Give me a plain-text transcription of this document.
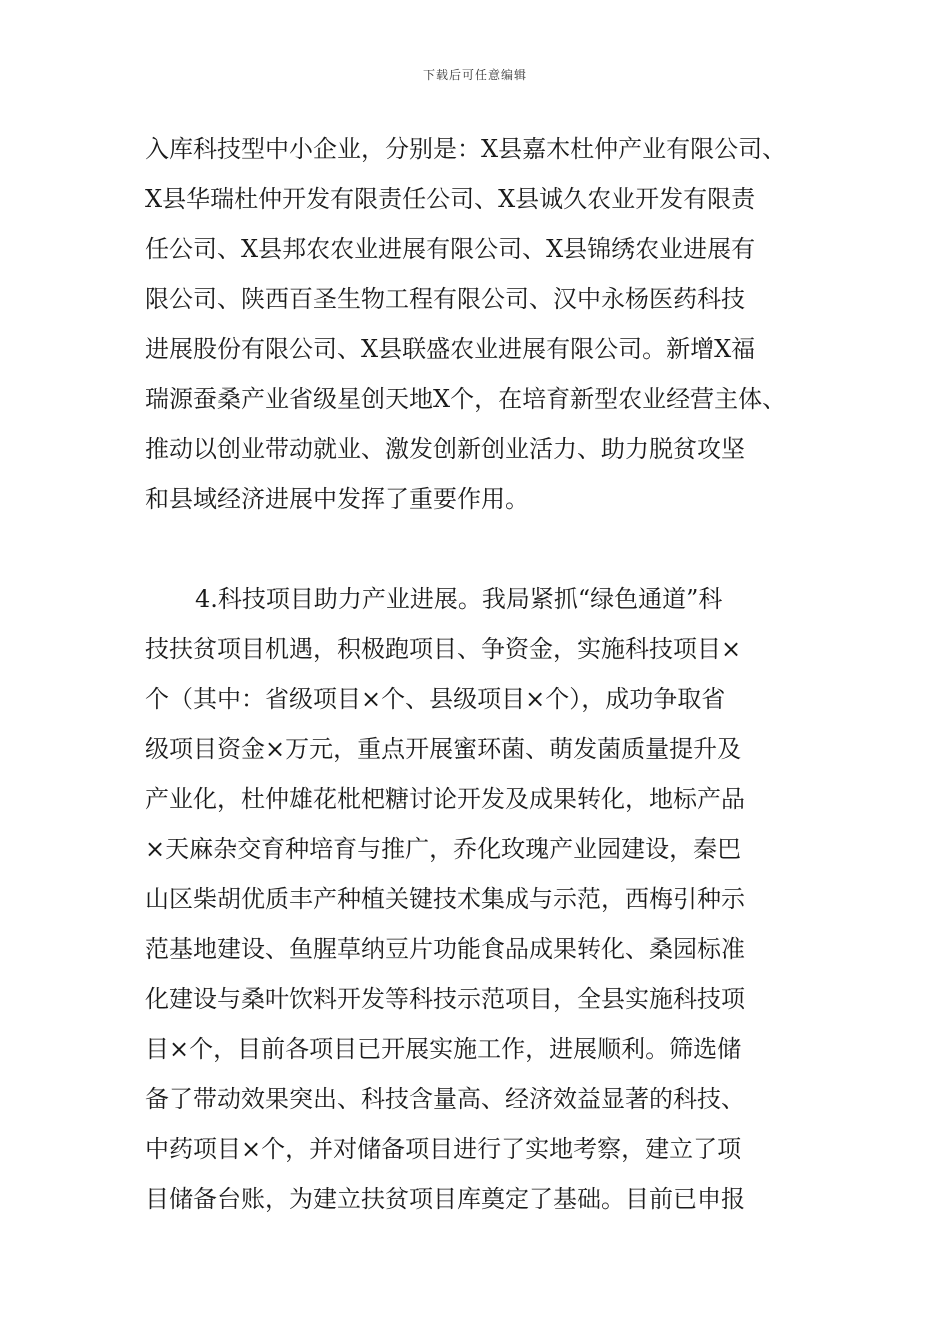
下载后可任意编辑
入库科技型中小企业，分别是：X县嘉木杜仲产业有限公司、
X县华瑞杜仲开发有限责任公司、X县诚久农业开发有限责
任公司、X县邦农农业进展有限公司、X县锦绣农业进展有
限公司、陕西百圣生物工程有限公司、汉中永杨医药科技
进展股份有限公司、X县联盛农业进展有限公司。新增X福
瑞源蚕桑产业省级星创天地X个，在培育新型农业经营主体、
推动以创业带动就业、激发创新创业活力、助力脱贫攻坚
和县域经济进展中发挥了重要作用。
4.科技项目助力产业进展。我局紧抓“绿色通道”科
技扶贫项目机遇，积极跑项目、争资金，实施科技项目×
个（其中：省级项目×个、县级项目×个），成功争取省
级项目资金×万元，重点开展蜜环菌、萌发菌质量提升及
产业化，杜仲雄花枇杷糖讨论开发及成果转化，地标产品
×天麻杂交育种培育与推广，乔化玫瑰产业园建设，秦巴
山区柴胡优质丰产种植关键技术集成与示范，西梅引种示
范基地建设、鱼腥草纳豆片功能食品成果转化、桑园标准
化建设与桑叶饮料开发等科技示范项目，全县实施科技项
目×个，目前各项目已开展实施工作，进展顺利。筛选储
备了带动效果突出、科技含量高、经济效益显著的科技、
中药项目×个，并对储备项目进行了实地考察，建立了项
目储备台账，为建立扶贫项目库奠定了基础。目前已申报
